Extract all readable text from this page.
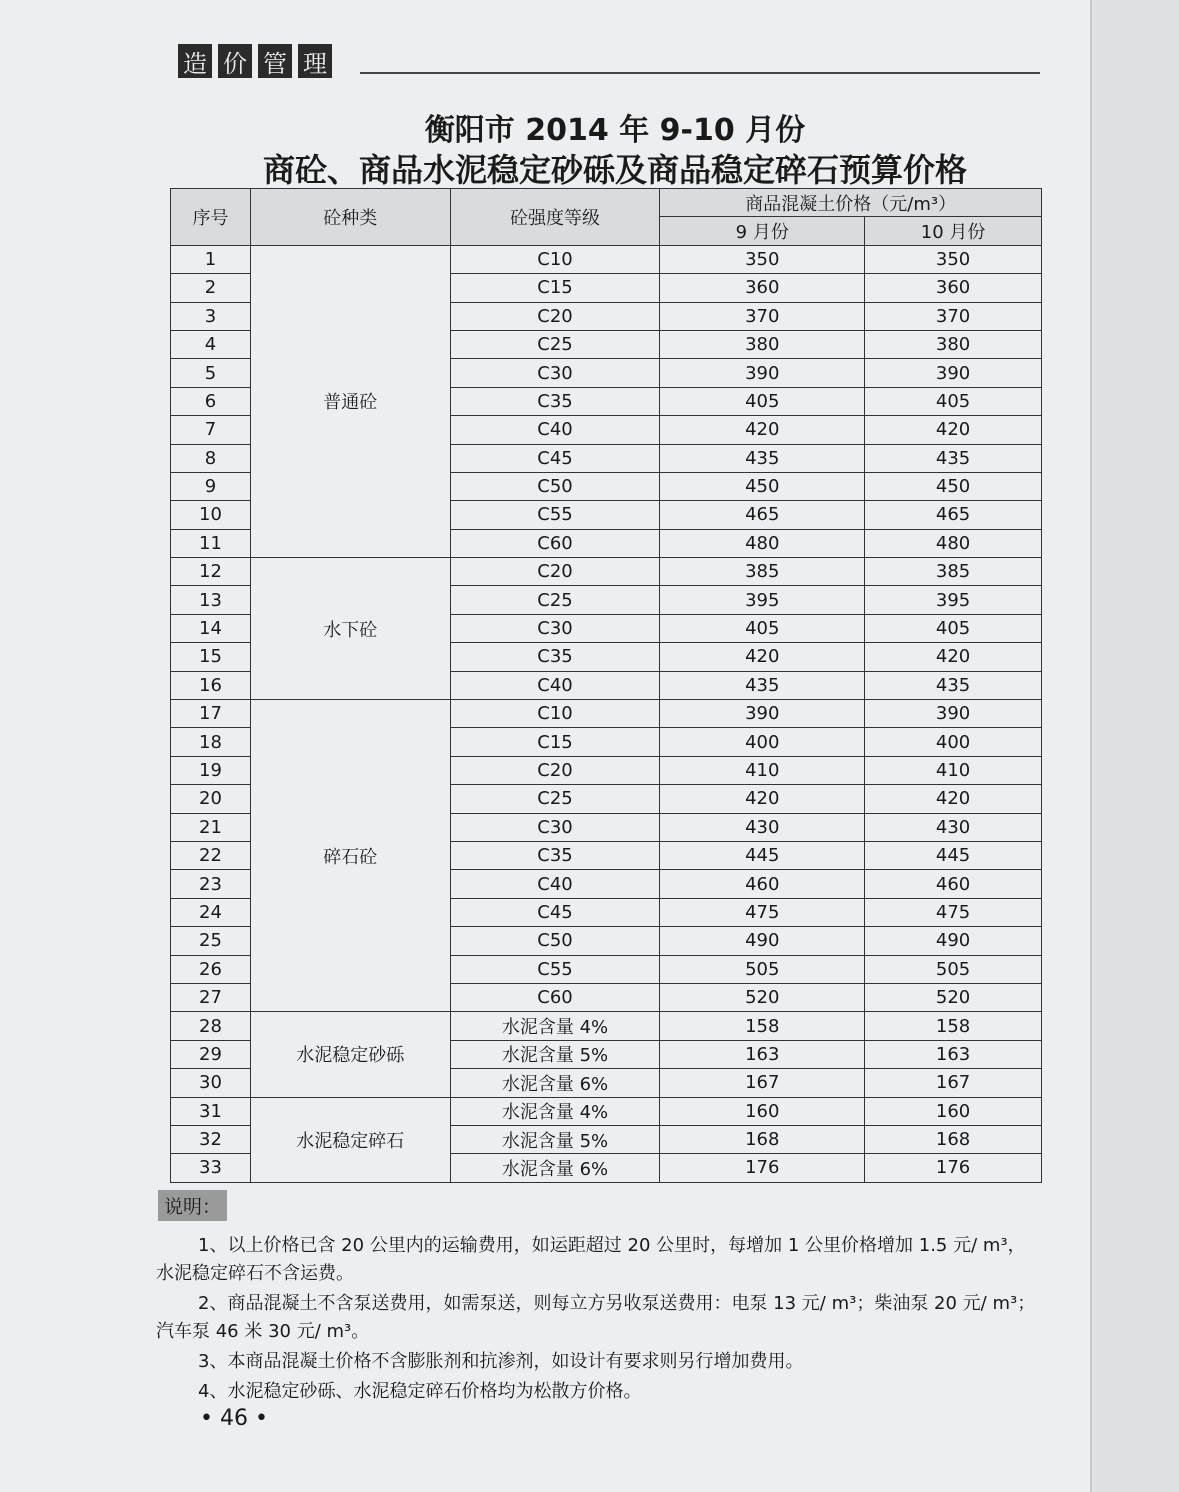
造 价 管 理
衡阳市 2014 年 9-10 月份
商砼、商品水泥稳定砂砾及商品稳定碎石预算价格
序号	砼种类	砼强度等级	商品混凝土价格（元/m³）	
			9 月份	10 月份
1	普通砼	C10	350	350
2		C15	360	360
3		C20	370	370
4		C25	380	380
5		C30	390	390
6		C35	405	405
7		C40	420	420
8		C45	435	435
9		C50	450	450
10		C55	465	465
11		C60	480	480
12	水下砼	C20	385	385
13		C25	395	395
14		C30	405	405
15		C35	420	420
16		C40	435	435
17	碎石砼	C10	390	390
18		C15	400	400
19		C20	410	410
20		C25	420	420
21		C30	430	430
22		C35	445	445
23		C40	460	460
24		C45	475	475
25		C50	490	490
26		C55	505	505
27		C60	520	520
28	水泥稳定砂砾	水泥含量 4%	158	158
29		水泥含量 5%	163	163
30		水泥含量 6%	167	167
31	水泥稳定碎石	水泥含量 4%	160	160
32		水泥含量 5%	168	168
33		水泥含量 6%	176	176
说明：

1、以上价格已含 20 公里内的运输费用，如运距超过 20 公里时，每增加 1 公里价格增加 1.5 元/ m³，水泥稳定碎石不含运费。

2、商品混凝土不含泵送费用，如需泵送，则每立方另收泵送费用：电泵 13 元/ m³；柴油泵 20 元/ m³；汽车泵 46 米 30 元/ m³。

3、本商品混凝土价格不含膨胀剂和抗渗剂，如设计有要求则另行增加费用。

4、水泥稳定砂砾、水泥稳定碎石价格均为松散方价格。

• 46 •
